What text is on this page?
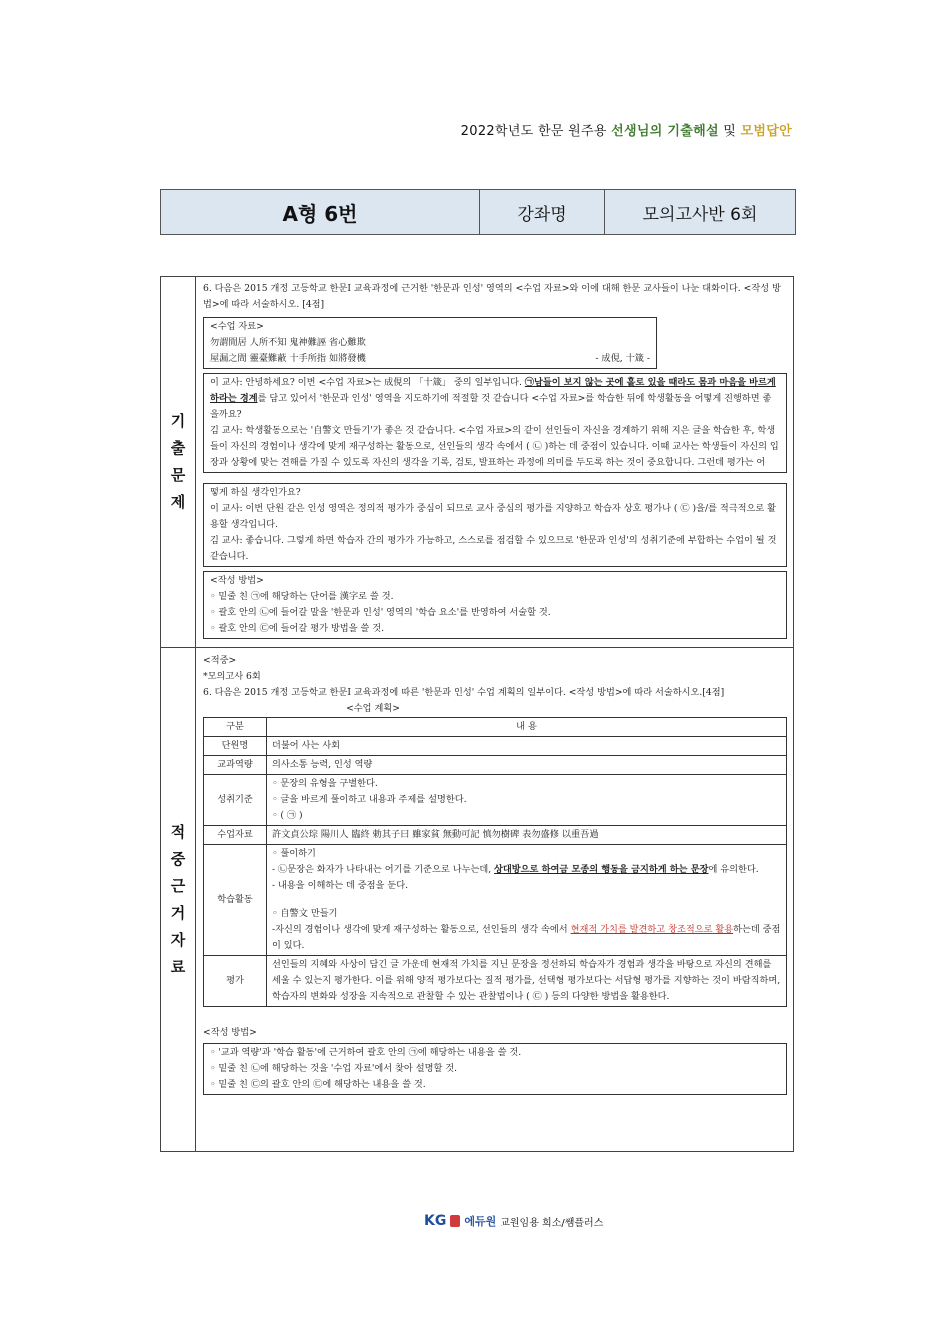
2022학년도 한문 원주용 선생님의 기출해설 및 모범답안
A형 6번	강좌명	모의고사반 6회
기
출
문
제
적
중
근
거
자
료
6. 다음은 2015 개정 고등학교 한문Ⅰ 교육과정에 근거한 '한문과 인성' 영역의 <수업 자료>와 이에 대해 한문 교사들이 나눈 대화이다. <작성 방법>에 따라 서술하시오. [4점]
<수업 자료>
勿謂閒居 人所不知 鬼神難誣 省心難欺
屋漏之間 靈臺難蔽 十手所指 如將發機	- 成俔, 十箴 -
이 교사: 안녕하세요? 이번 <수업 자료>는 成俔의 「十箴」 중의 일부입니다. ㉠남들이 보지 않는 곳에 홀로 있을 때라도 몸과 마음을 바르게 하라는 경계를 담고 있어서 '한문과 인성' 영역을 지도하기에 적절할 것 같습니다 <수업 자료>를 학습한 뒤에 학생활동을 어떻게 진행하면 좋을까요?
김 교사: 학생활동으로는 '自警文 만들기'가 좋은 것 같습니다. <수업 자료>의 같이 선인들이 자신을 경계하기 위해 지은 글을 학습한 후, 학생들이 자신의 경험이나 생각에 맞게 재구성하는 활동으로, 선인들의 생각 속에서 ( ㉡ )하는 데 중점이 있습니다. 이때 교사는 학생들이 자신의 입장과 상황에 맞는 견해를 가질 수 있도록 자신의 생각을 기록, 검토, 발표하는 과정에 의미를 두도록 하는 것이 중요합니다. 그런데 평가는 어
떻게 하실 생각인가요?
이 교사: 이번 단원 같은 인성 영역은 정의적 평가가 중심이 되므로 교사 중심의 평가를 지양하고 학습자 상호 평가나 ( ㉢ )을/를 적극적으로 활용할 생각입니다.
김 교사: 좋습니다. 그렇게 하면 학습자 간의 평가가 가능하고, 스스로를 점검할 수 있으므로 '한문과 인성'의 성취기준에 부합하는 수업이 될 것 같습니다.
<작성 방법>
◦ 밑줄 친 ㉠에 해당하는 단어를 漢字로 쓸 것.
◦ 괄호 안의 ㉡에 들어갈 말을 '한문과 인성' 영역의 '학습 요소'를 반영하여 서술할 것.
◦ 괄호 안의 ㉢에 들어갈 평가 방법을 쓸 것.
<적중>
*모의고사 6회
6. 다음은 2015 개정 고등학교 한문Ⅰ 교육과정에 따른 '한문과 인성' 수업 계획의 일부이다. <작성 방법>에 따라 서술하시오.[4점]
<수업 계획>
구분	내 용
단원명	더불어 사는 사회
교과역량	의사소통 능력, 인성 역량
성취기준	◦ 문장의 유형을 구별한다.
◦ 글을 바르게 풀이하고 내용과 주제를 설명한다.
◦ ( ㉠ )

수업자료	許文貞公琮 陽川人 臨終 勅其子曰 雖家貧 無動可記 慎勿樹碑 表勿盛修 以重吾過
학습활동	◦ 풀이하기
- ㉡문장은 화자가 나타내는 어기를 기준으로 나누는데, 상대방으로 하여금 모종의 행동을 금지하게 하는 문장에 유의한다.
- 내용을 이해하는 데 중점을 둔다.
◦ 自警文 만들기
-자신의 경험이나 생각에 맞게 재구성하는 활동으로, 선인들의 생각 속에서 현재적 가치를 발견하고 창조적으로 활용하는데 중점이 있다.

평가	선인들의 지혜와 사상이 담긴 글 가운데 현재적 가치를 지닌 문장을 정선하되 학습자가 경험과 생각을 바탕으로 자신의 견해를 세울 수 있는지 평가한다. 이를 위해 양적 평가보다는 질적 평가를, 선택형 평가보다는 서답형 평가를 지향하는 것이 바람직하며, 학습자의 변화와 성장을 지속적으로 관찰할 수 있는 관찰법이나 ( ㉢ ) 등의 다양한 방법을 활용한다.
<작성 방법>
◦ '교과 역량'과 '학습 활동'에 근거하여 괄호 안의 ㉠에 해당하는 내용을 쓸 것.
◦ 밑줄 친 ㉡에 해당하는 것을 '수업 자료'에서 찾아 설명할 것.
◦ 밑줄 친 ㉢의 괄호 안의 ㉢에 해당하는 내용을 쓸 것.
KG 에듀원 교원임용 희소/쌤플러스
